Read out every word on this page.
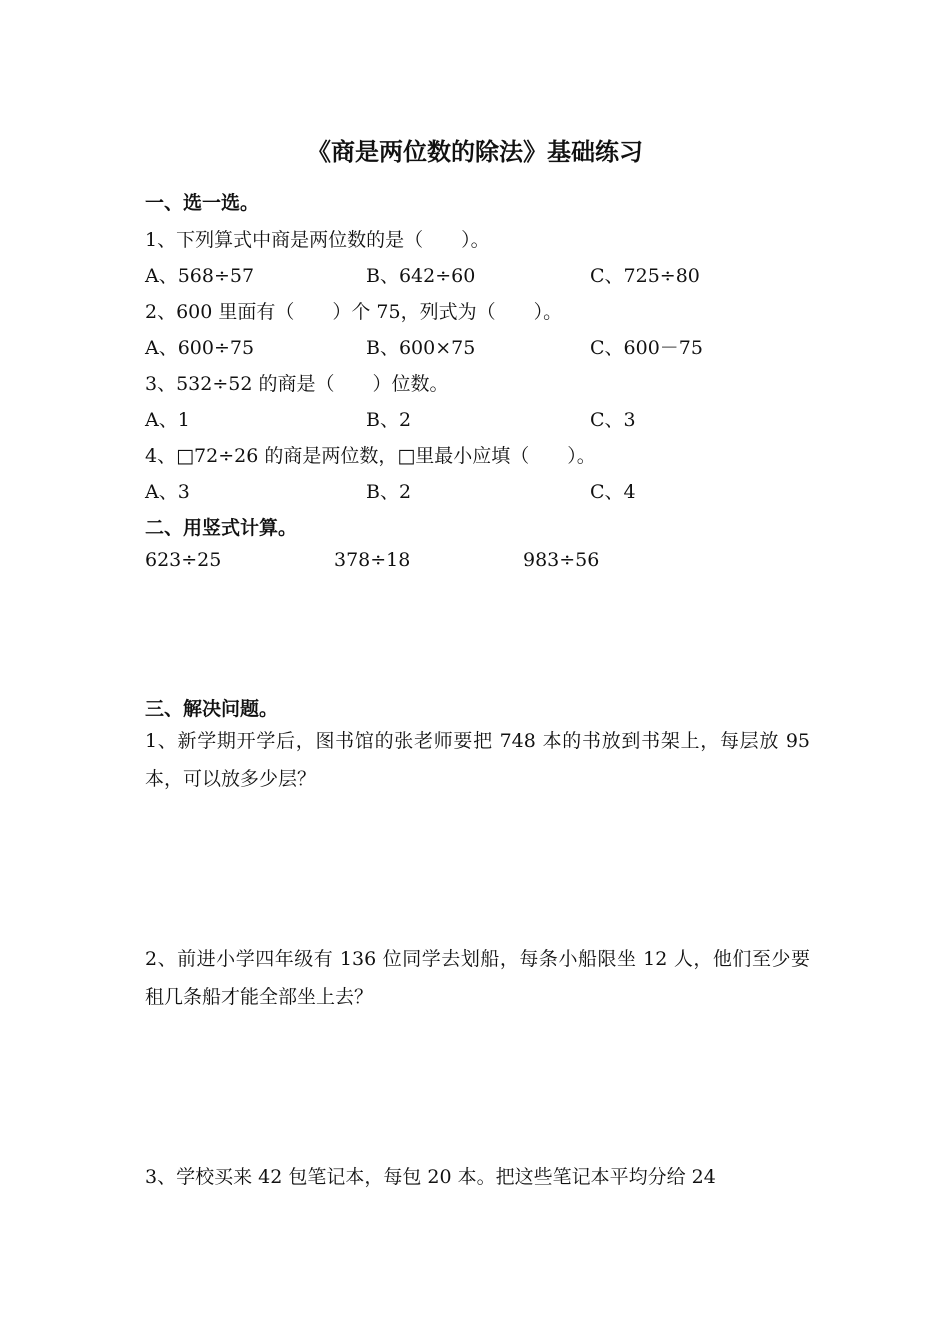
《商是两位数的除法》基础练习
一、选一选。
1、下列算式中商是两位数的是（　　）。
A、568÷57	B、642÷60	C、725÷80
2、600 里面有（　　）个 75，列式为（　　）。
A、600÷75	B、600×75	C、600－75
3、532÷52 的商是（　　）位数。
A、1	B、2	C、3
4、□72÷26 的商是两位数，□里最小应填（　　）。
A、3	B、2	C、4
二、用竖式计算。
623÷25	378÷18	983÷56
三、解决问题。
1、新学期开学后，图书馆的张老师要把 748 本的书放到书架上，每层放 95 本，可以放多少层？
2、前进小学四年级有 136 位同学去划船，每条小船限坐 12 人，他们至少要租几条船才能全部坐上去？
3、学校买来 42 包笔记本，每包 20 本。把这些笔记本平均分给 24
